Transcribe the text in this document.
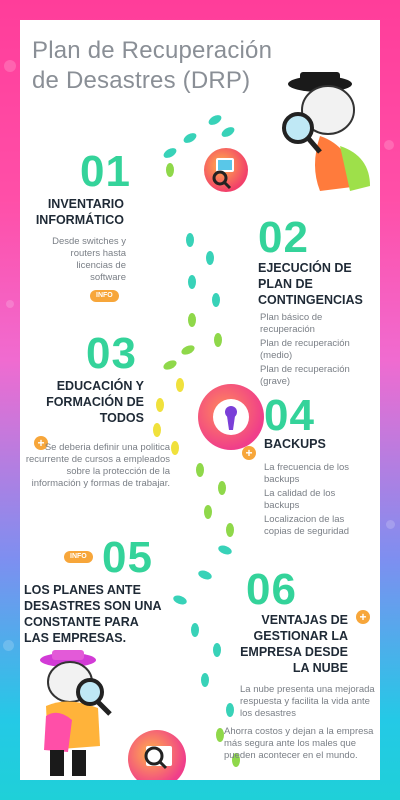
Plan de Recuperación de Desastres (DRP)
01
INVENTARIO INFORMÁTICO
Desde switches y routers hasta licencias de software
INFO
02
EJECUCIÓN DE PLAN DE CONTINGENCIAS
Plan básico de recuperación
Plan de recuperación (medio)
Plan de recuperación (grave)
03
EDUCACIÓN Y FORMACIÓN DE TODOS
+ Se deberia definir una politica recurrente de cursos a empleados sobre la protección de la información y formas de trabajar.
04
+
BACKUPS
La frecuencia de los backups
La calidad de los backups
Localizacion de las copias de seguridad
INFO 05
LOS PLANES ANTE DESASTRES SON UNA CONSTANTE PARA LAS EMPRESAS.
06
+
VENTAJAS DE GESTIONAR LA EMPRESA DESDE LA NUBE
La nube presenta una mejorada respuesta y facilita la vida ante los desastres
Ahorra costos y dejan a la empresa más segura ante los males que pueden acontecer en el mundo.
